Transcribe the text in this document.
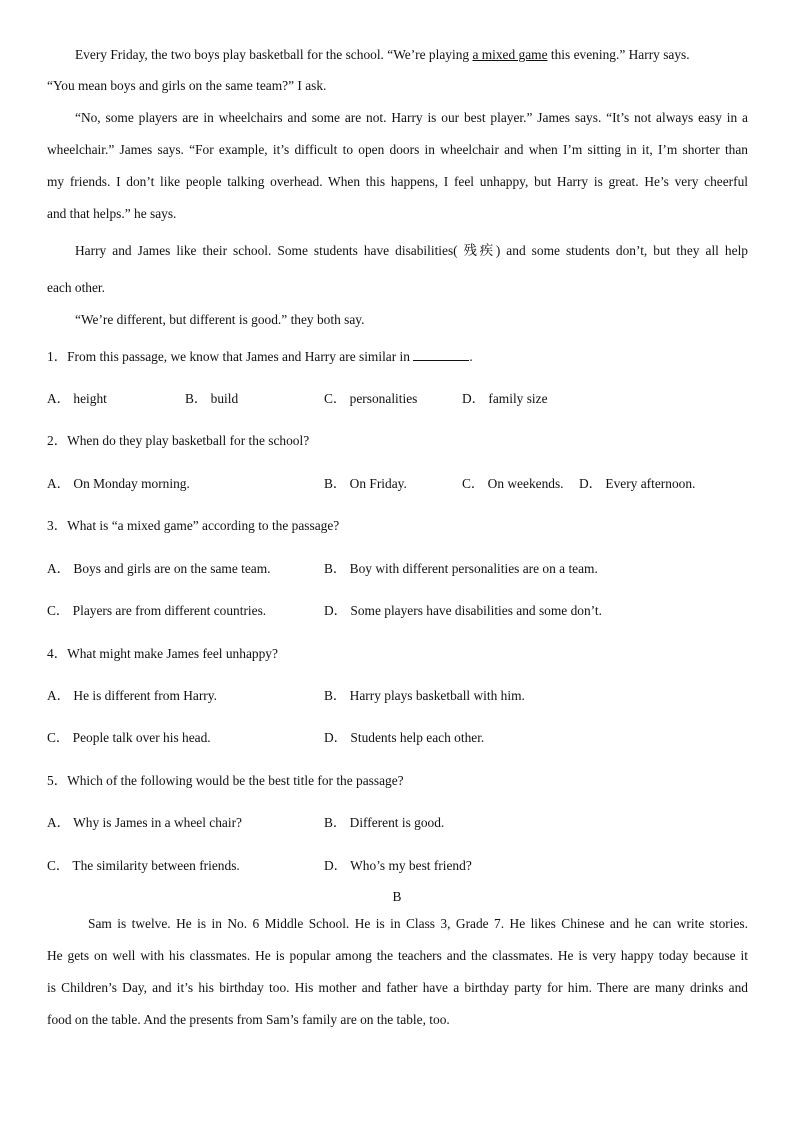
Every Friday, the two boys play basketball for the school. “We’re playing a mixed game this evening.” Harry says.
“You mean boys and girls on the same team?” I ask.
“No, some players are in wheelchairs and some are not. Harry is our best player.” James says. “It’s not always easy in a
wheelchair.” James says. “For example, it’s difficult to open doors in wheelchair and when I’m sitting in it, I’m shorter than
my friends. I don’t like people talking overhead. When this happens, I feel unhappy, but Harry is great. He’s very cheerful
and that helps.” he says.
Harry and James like their school. Some students have disabilities( 残疾) and some students don’t, but they all help
each other.
“We’re different, but different is good.” they both say.
1．From this passage, we know that James and Harry are similar in	.
A． height	B． build	C． personalities	D． family size
2．When do they play basketball for the school?
A． On Monday morning.	B． On Friday.	C． On weekends. D． Every afternoon.
3．What is “a mixed game” according to the passage?
A． Boys and girls are on the same team.	B． Boy with different personalities are on a team.
C． Players are from different countries.	D． Some players have disabilities and some don’t.
4．What might make James feel unhappy?
A． He is different from Harry.	B． Harry plays basketball with him.
C． People talk over his head.	D． Students help each other.
5．Which of the following would be the best title for the passage?
A． Why is James in a wheel chair?	B． Different is good.
C． The similarity between friends.	D． Who’s my best friend?
B
Sam is twelve. He is in No. 6 Middle School. He is in Class 3, Grade 7. He likes Chinese and he can write stories.
He gets on well with his classmates. He is popular among the teachers and the classmates. He is very happy today because it
is Children’s Day, and it’s his birthday too. His mother and father have a birthday party for him. There are many drinks and
food on the table. And the presents from Sam’s family are on the table, too.
